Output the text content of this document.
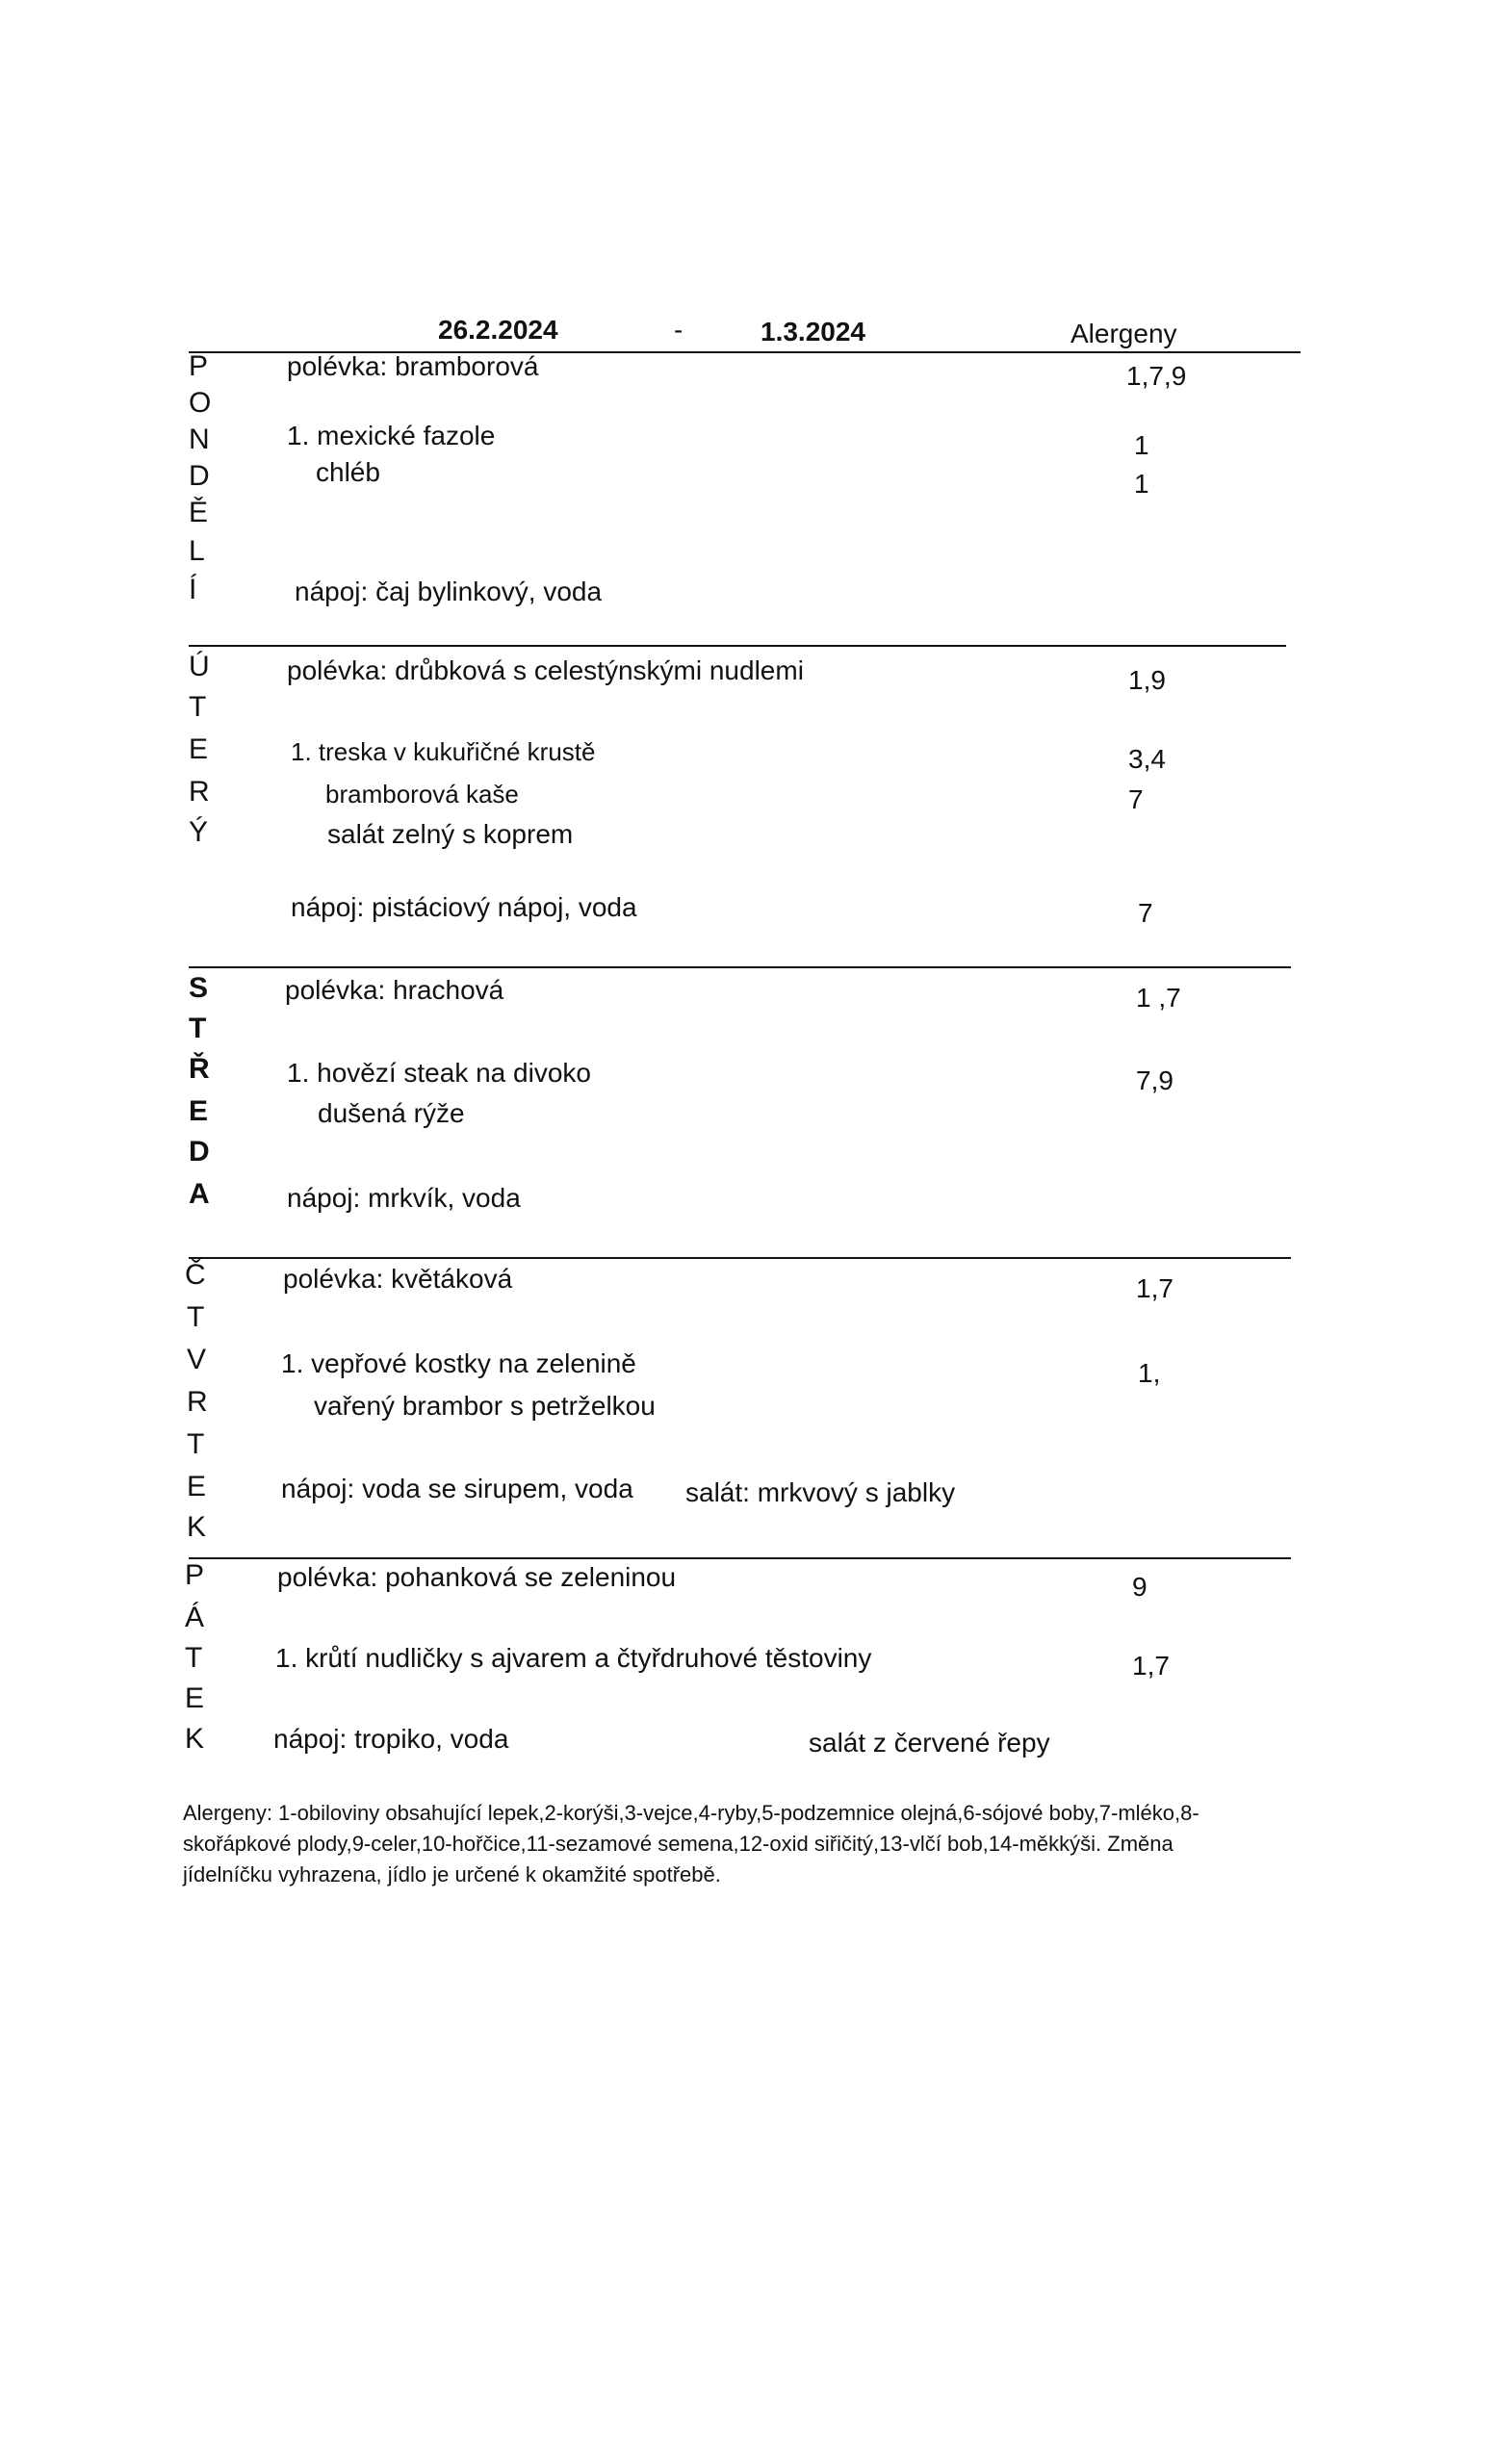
26.2.2024	-	1.3.2024	Alergeny
P
O
N
D
Ě
L
Í
polévka: bramborová	1,7,9
1. mexické fazole	1
chléb	1
nápoj: čaj bylinkový, voda
Ú
T
E
R
Ý
polévka: drůbková s celestýnskými nudlemi	1,9
1. treska v kukuřičné krustě	3,4
bramborová kaše	7
salát zelný s koprem
nápoj: pistáciový nápoj, voda	7
S
T
Ř
E
D
A
polévka: hrachová	1 ,7
1. hovězí steak na divoko	7,9
dušená rýže
nápoj: mrkvík, voda
Č
T
V
R
T
E
K
polévka: květáková	1,7
1. vepřové kostky na zelenině	1,
vařený brambor s petrželkou
nápoj: voda se sirupem, voda salát: mrkvový s jablky
P
Á
T
E
K
polévka: pohanková se zeleninou	9
1. krůtí nudličky s ajvarem a čtyřdruhové těstoviny	1,7
nápoj: tropiko, voda	salát z červené řepy
Alergeny: 1-obiloviny obsahující lepek,2-korýši,3-vejce,4-ryby,5-podzemnice olejná,6-sójové boby,7-mléko,8-
skořápkové plody,9-celer,10-hořčice,11-sezamové semena,12-oxid siřičitý,13-vlčí bob,14-měkkýši. Změna
jídelníčku vyhrazena, jídlo je určené k okamžité spotřebě.
